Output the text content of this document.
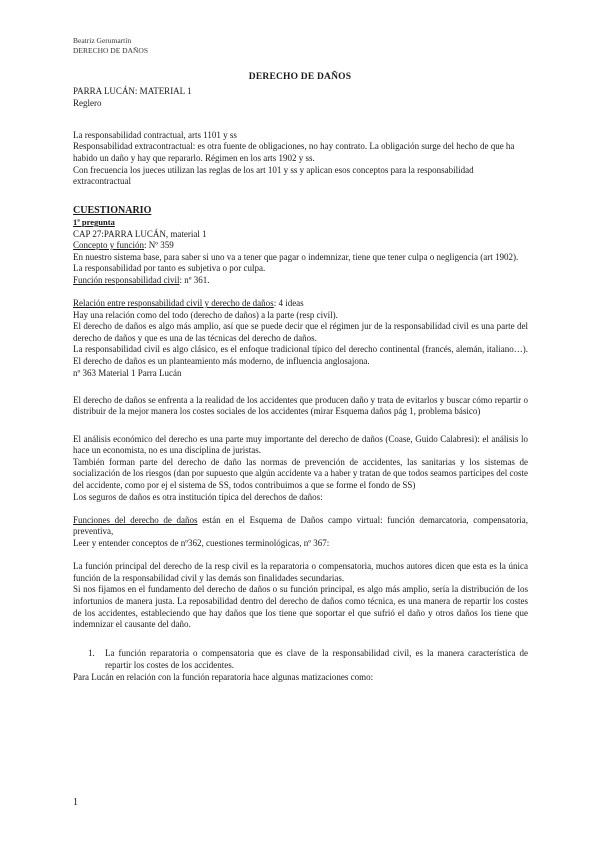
Beatriz Gerumartín
DERECHO DE DAÑOS
DERECHO DE DAÑOS

PARRA LUCÁN: MATERIAL 1

Reglero

La responsabilidad contractual, arts 1101 y ss

Responsabilidad extracontractual: es otra fuente de obligaciones, no hay contrato. La obligación surge del hecho de que ha habido un daño y hay que repararlo. Régimen en los arts 1902 y ss.

Con frecuencia los jueces utilizan las reglas de los art 101 y ss y aplican esos conceptos para la responsabilidad extracontractual

CUESTIONARIO

1ª pregunta

CAP 27:PARRA LUCÁN, material 1

Concepto y función: Nº 359

En nuestro sistema base, para saber si uno va a tener que pagar o indemnizar, tiene que tener culpa o negligencia (art 1902). La responsabilidad por tanto es subjetiva o por culpa.

Función responsabilidad civil: nº 361.

Relación entre responsabilidad civil y derecho de daños: 4 ideas

Hay una relación como del todo (derecho de daños) a la parte (resp civil).

El derecho de daños es algo más amplio, así que se puede decir que el régimen jur de la responsabilidad civil es una parte del derecho de daños y que es una de las técnicas del derecho de daños.

La responsabilidad civil es algo clásico, es el enfoque tradicional típico del derecho continental (francés, alemán, italiano…). El derecho de daños es un planteamiento más moderno, de influencia anglosajona.

nº 363 Material 1 Parra Lucán

El derecho de daños se enfrenta a la realidad de los accidentes que producen daño y trata de evitarlos y buscar cómo repartir o distribuir de la mejor manera los costes sociales de los accidentes (mirar Esquema daños pág 1, problema básico)

El análisis económico del derecho es una parte muy importante del derecho de daños (Coase, Guido Calabresi): el análisis lo hace un economista, no es una disciplina de juristas.

También forman parte del derecho de daño las normas de prevención de accidentes, las sanitarias y los sistemas de socialización de los riesgos (dan por supuesto que algún accidente va a haber y tratan de que todos seamos partícipes del coste del accidente, como por ej el sistema de SS, todos contribuimos a que se forme el fondo de SS)

Los seguros de daños es otra institución típica del derechos de daños:

Funciones del derecho de daños están en el Esquema de Daños campo virtual: función demarcatoria, compensatoria, preventiva,

Leer y entender conceptos de nº362, cuestiones terminológicas, nº 367:

La función principal del derecho de la resp civil es la reparatoria o compensatoria, muchos autores dicen que esta es la única función de la responsabilidad civil y las demás son finalidades secundarias.

Si nos fijamos en el fundamento del derecho de daños o su función principal, es algo más amplio, sería la distribución de los infortunios de manera justa. La reposabilidad dentro del derecho de daños como técnica, es una manera de repartir los costes de los accidentes, estableciendo que hay daños que los tiene que soportar el que sufrió el daño y otros daños los tiene que indemnizar el causante del daño.

1.	La función reparatoria o compensatoria que es clave de la responsabilidad civil, es la manera característica de repartir los costes de los accidentes.

Para Lucán en relación con la función reparatoria hace algunas matizaciones como:

1
